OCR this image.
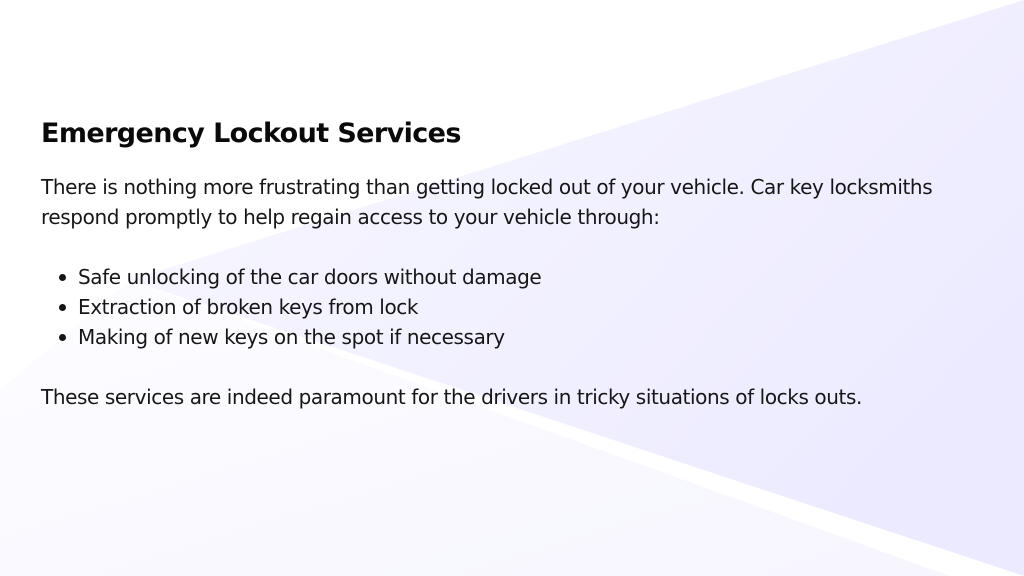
Emergency Lockout Services

There is nothing more frustrating than getting locked out of your vehicle. Car key locksmiths respond promptly to help regain access to your vehicle through:

Safe unlocking of the car doors without damage
Extraction of broken keys from lock
Making of new keys on the spot if necessary

These services are indeed paramount for the drivers in tricky situations of locks outs.
